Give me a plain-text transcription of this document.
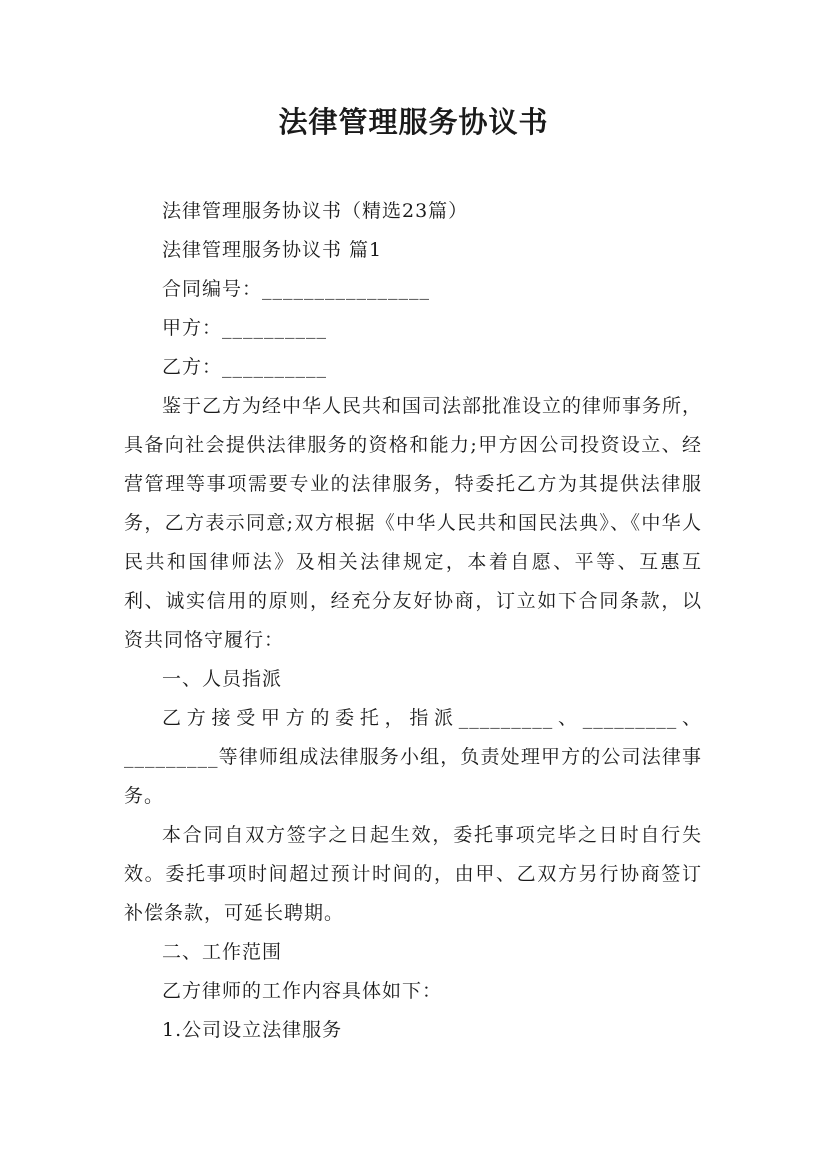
法律管理服务协议书

法律管理服务协议书（精选23篇）

法律管理服务协议书 篇1

合同编号：________________

甲方：__________

乙方：__________

鉴于乙方为经中华人民共和国司法部批准设立的律师事务所，具备向社会提供法律服务的资格和能力;甲方因公司投资设立、经营管理等事项需要专业的法律服务，特委托乙方为其提供法律服务，乙方表示同意;双方根据《中华人民共和国民法典》、《中华人民共和国律师法》及相关法律规定，本着自愿、平等、互惠互利、诚实信用的原则，经充分友好协商，订立如下合同条款，以资共同恪守履行：

一、人员指派

乙方接受甲方的委托，指派_________、_________、_________等律师组成法律服务小组，负责处理甲方的公司法律事务。

本合同自双方签字之日起生效，委托事项完毕之日时自行失效。委托事项时间超过预计时间的，由甲、乙双方另行协商签订补偿条款，可延长聘期。

二、工作范围

乙方律师的工作内容具体如下：

1.公司设立法律服务
